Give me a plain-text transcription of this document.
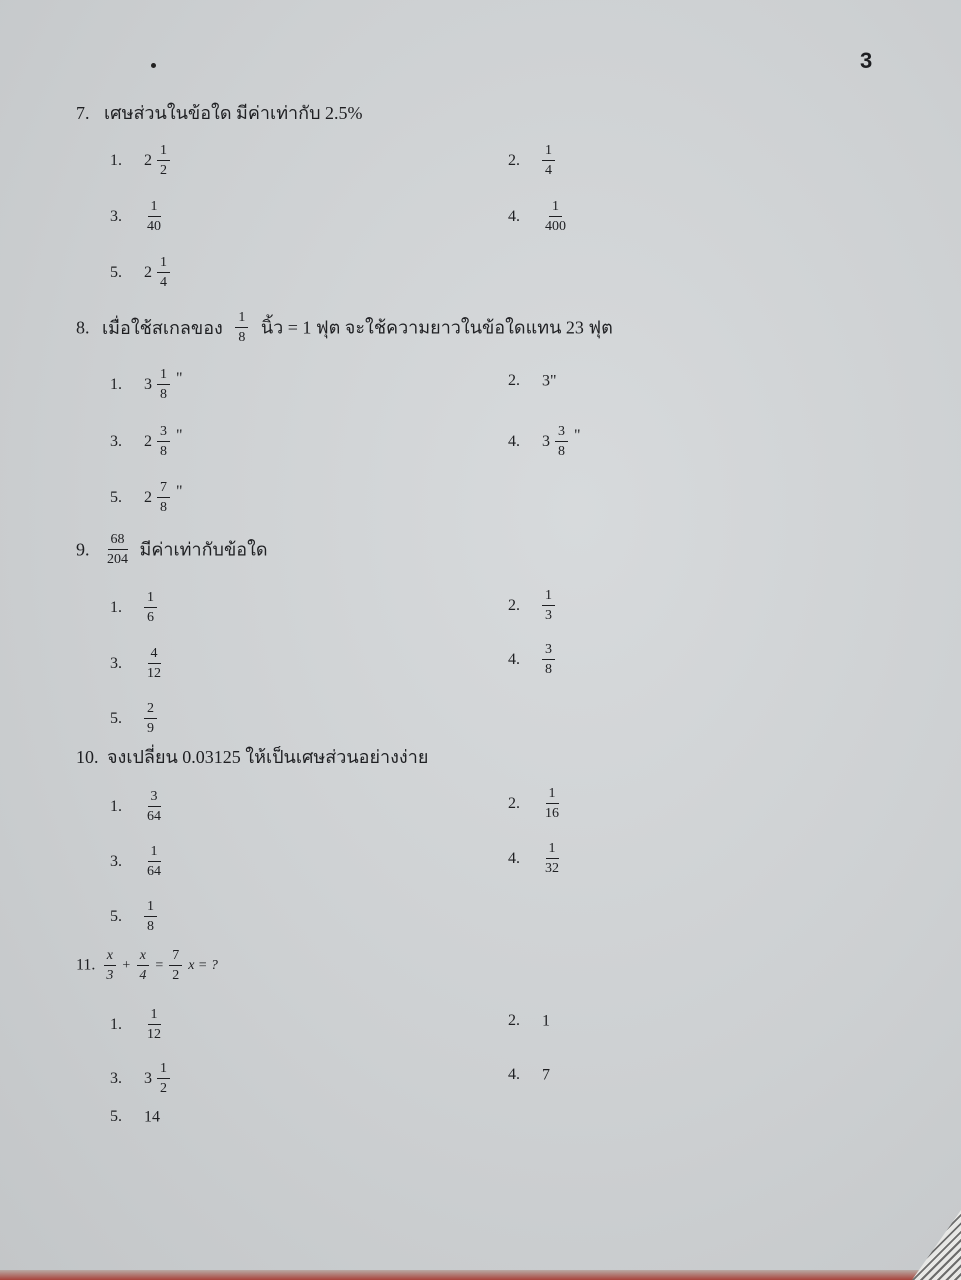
3
7. เศษส่วนในข้อใด มีค่าเท่ากับ 2.5%
1. $2 \frac{1}{2}$	2. $\frac{1}{4}$
3. $\frac{1}{40}$	4. $\frac{1}{400}$
5. $2 \frac{1}{4}$
8. เมื่อใช้สเกลของ $\frac{1}{8}$ นิ้ว = 1 ฟุต จะใช้ความยาวในข้อใดแทน 23 ฟุต
1. $3 \frac{1}{8}$ "	2. 3"
3. $2 \frac{3}{8}$ "	4. $3 \frac{3}{8}$ "
5. $2 \frac{7}{8}$ "
9. $\frac{68}{204}$ มีค่าเท่ากับข้อใด
1. $\frac{1}{6}$	2. $\frac{1}{3}$
3. $\frac{4}{12}$	4. $\frac{3}{8}$
5. $\frac{2}{9}$
10. จงเปลี่ยน 0.03125 ให้เป็นเศษส่วนอย่างง่าย
1. $\frac{3}{64}$	2. $\frac{1}{16}$
3. $\frac{1}{64}$	4. $\frac{1}{32}$
5. $\frac{1}{8}$
11. $\frac{x}{3} + \frac{x}{4} = \frac{7}{2}$ x = ?
1. $\frac{1}{12}$	2. 1
3. $3 \frac{1}{2}$	4. 7
5. 14
